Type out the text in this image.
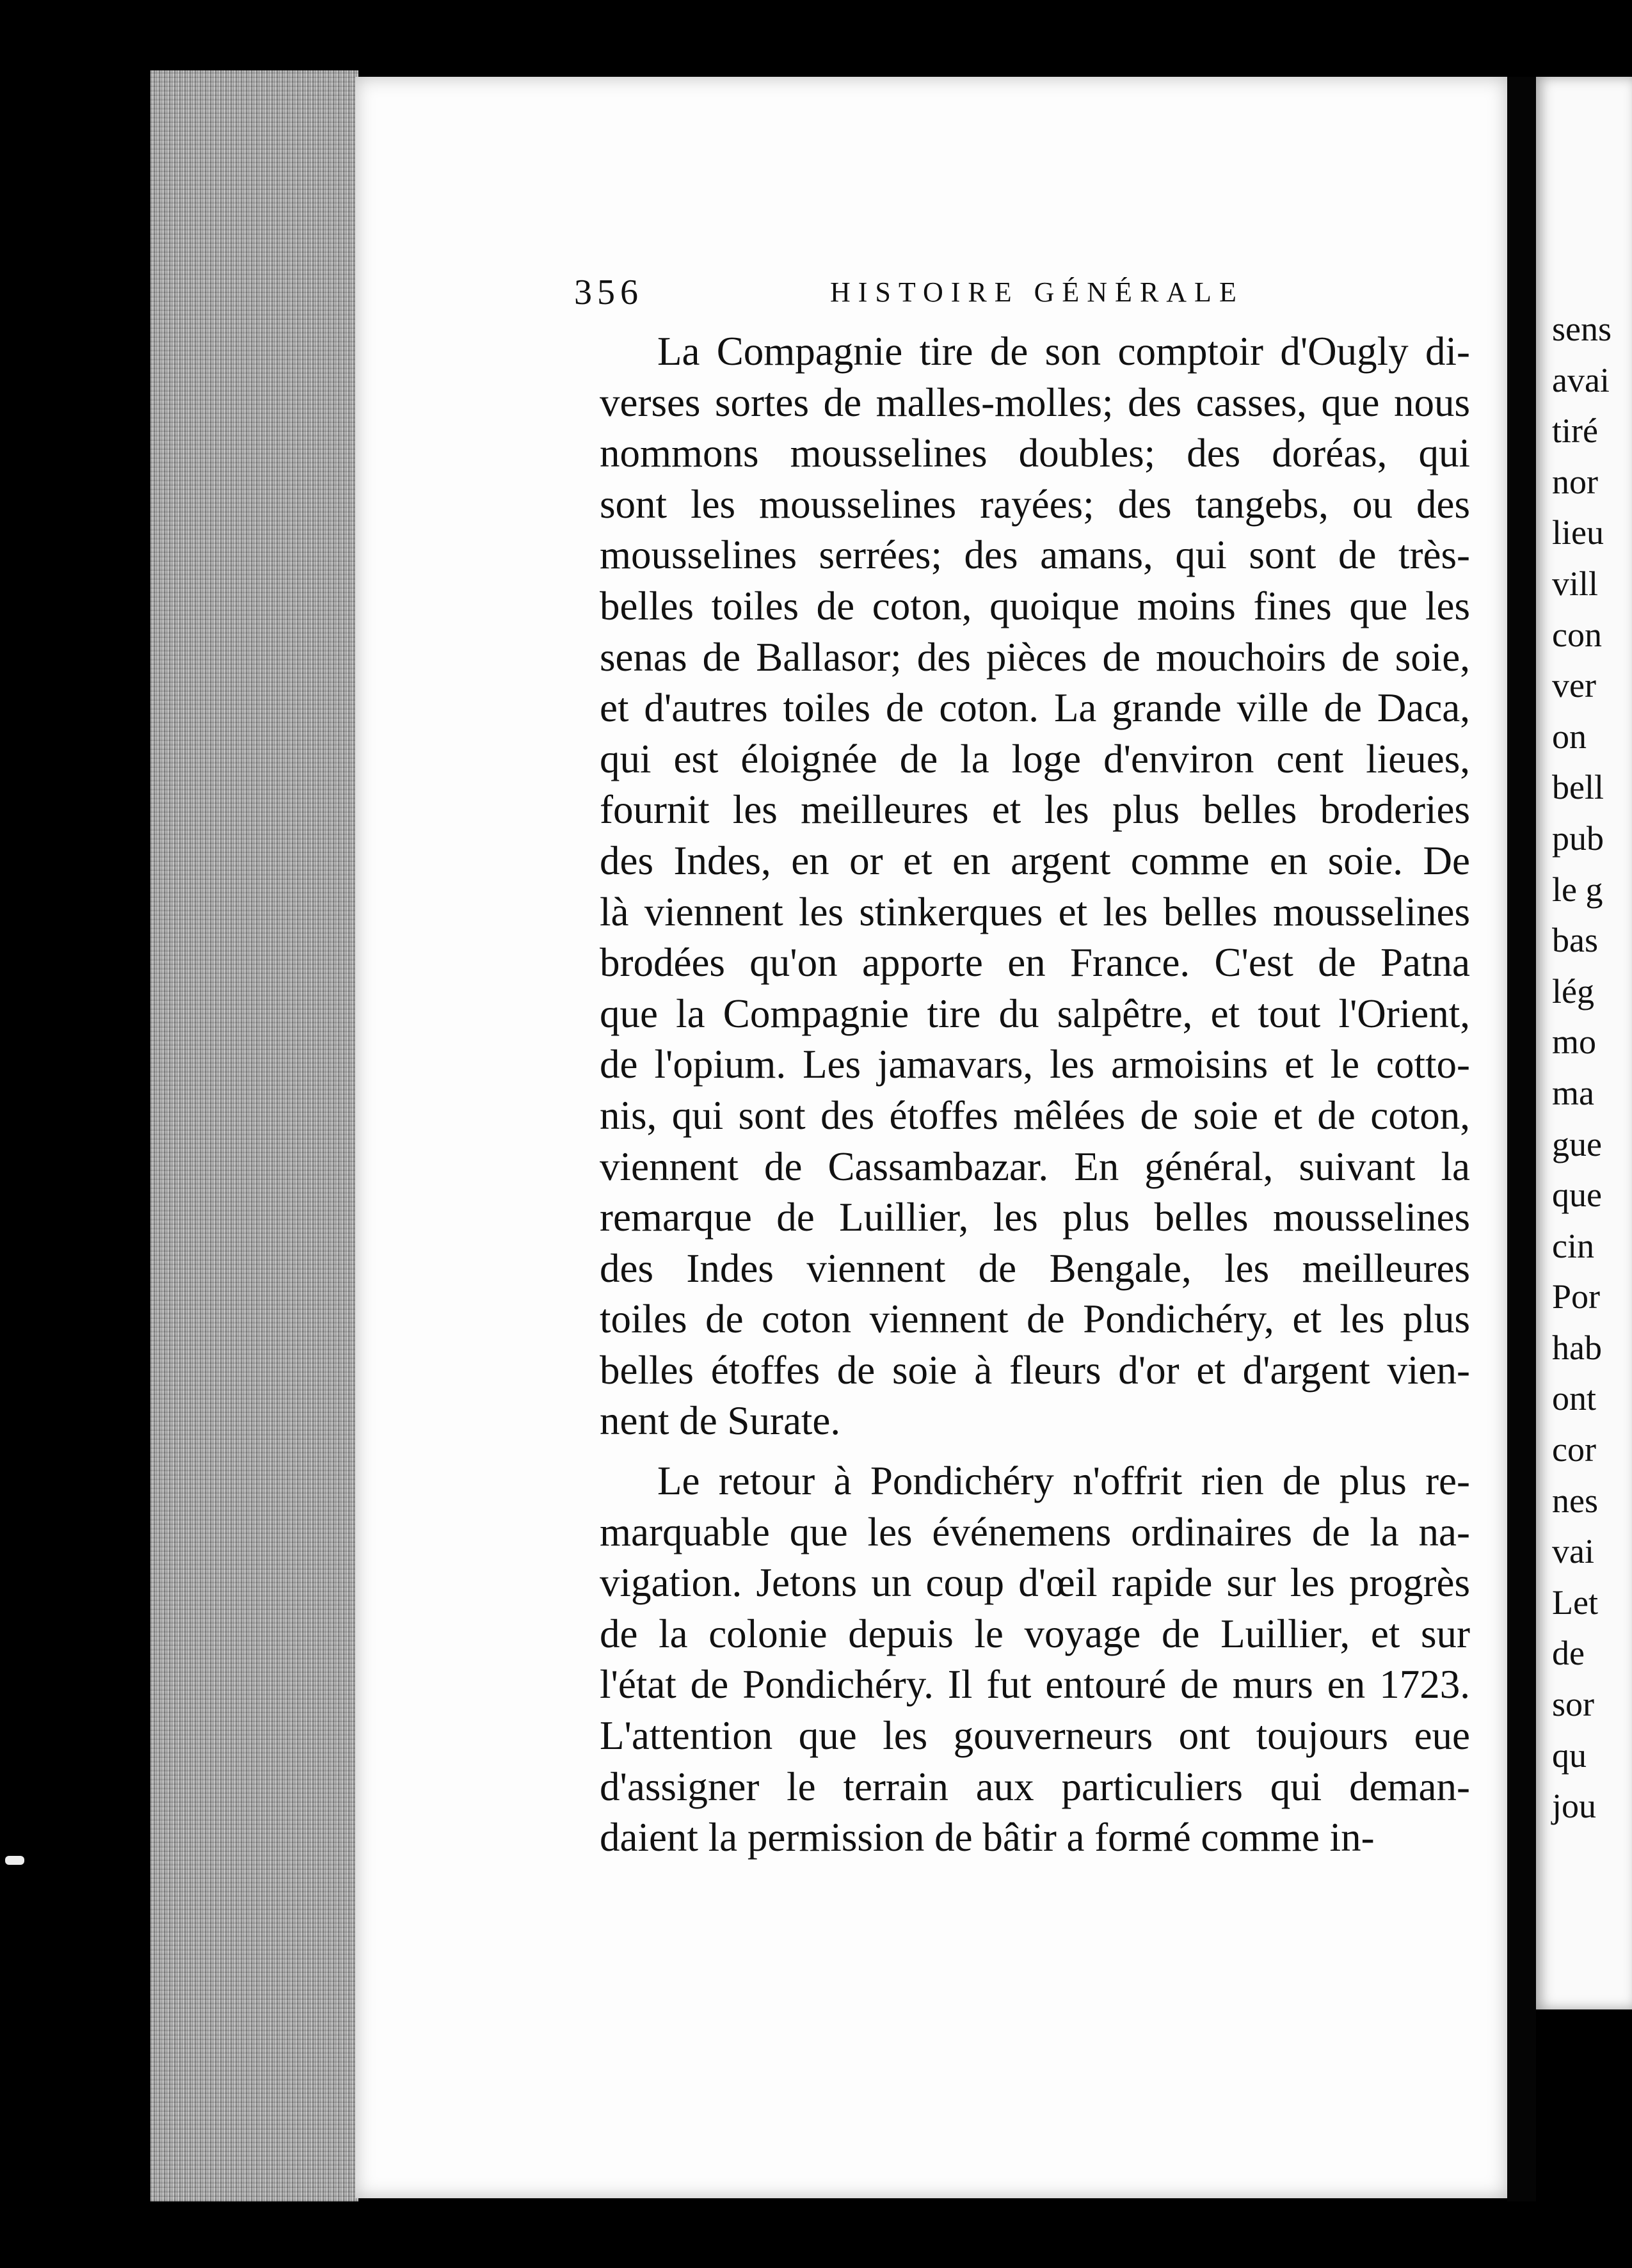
356	HISTOIRE GÉNÉRALE
La Compagnie tire de son comptoir d'Ougly di-
verses sortes de malles-molles; des casses, que nous
nommons mousselines doubles; des doréas, qui
sont les mousselines rayées; des tangebs, ou des
mousselines serrées; des amans, qui sont de très-
belles toiles de coton, quoique moins fines que les
senas de Ballasor; des pièces de mouchoirs de soie,
et d'autres toiles de coton. La grande ville de Daca,
qui est éloignée de la loge d'environ cent lieues,
fournit les meilleures et les plus belles broderies
des Indes, en or et en argent comme en soie. De
là viennent les stinkerques et les belles mousselines
brodées qu'on apporte en France. C'est de Patna
que la Compagnie tire du salpêtre, et tout l'Orient,
de l'opium. Les jamavars, les armoisins et le cotto-
nis, qui sont des étoffes mêlées de soie et de coton,
viennent de Cassambazar. En général, suivant la
remarque de Luillier, les plus belles mousselines
des Indes viennent de Bengale, les meilleures
toiles de coton viennent de Pondichéry, et les plus
belles étoffes de soie à fleurs d'or et d'argent vien-
nent de Surate.
Le retour à Pondichéry n'offrit rien de plus re-
marquable que les événemens ordinaires de la na-
vigation. Jetons un coup d'œil rapide sur les progrès
de la colonie depuis le voyage de Luillier, et sur
l'état de Pondichéry. Il fut entouré de murs en 1723.
L'attention que les gouverneurs ont toujours eue
d'assigner le terrain aux particuliers qui deman-
daient la permission de bâtir a formé comme in-
sens
avai
tiré
nor
lieu
vill
con
ver
on
bell
pub
le g
bas
lég
mo
ma
gue
que
cin
Por
hab
ont
cor
nes
vai
Let
de
sor
qu
jou
